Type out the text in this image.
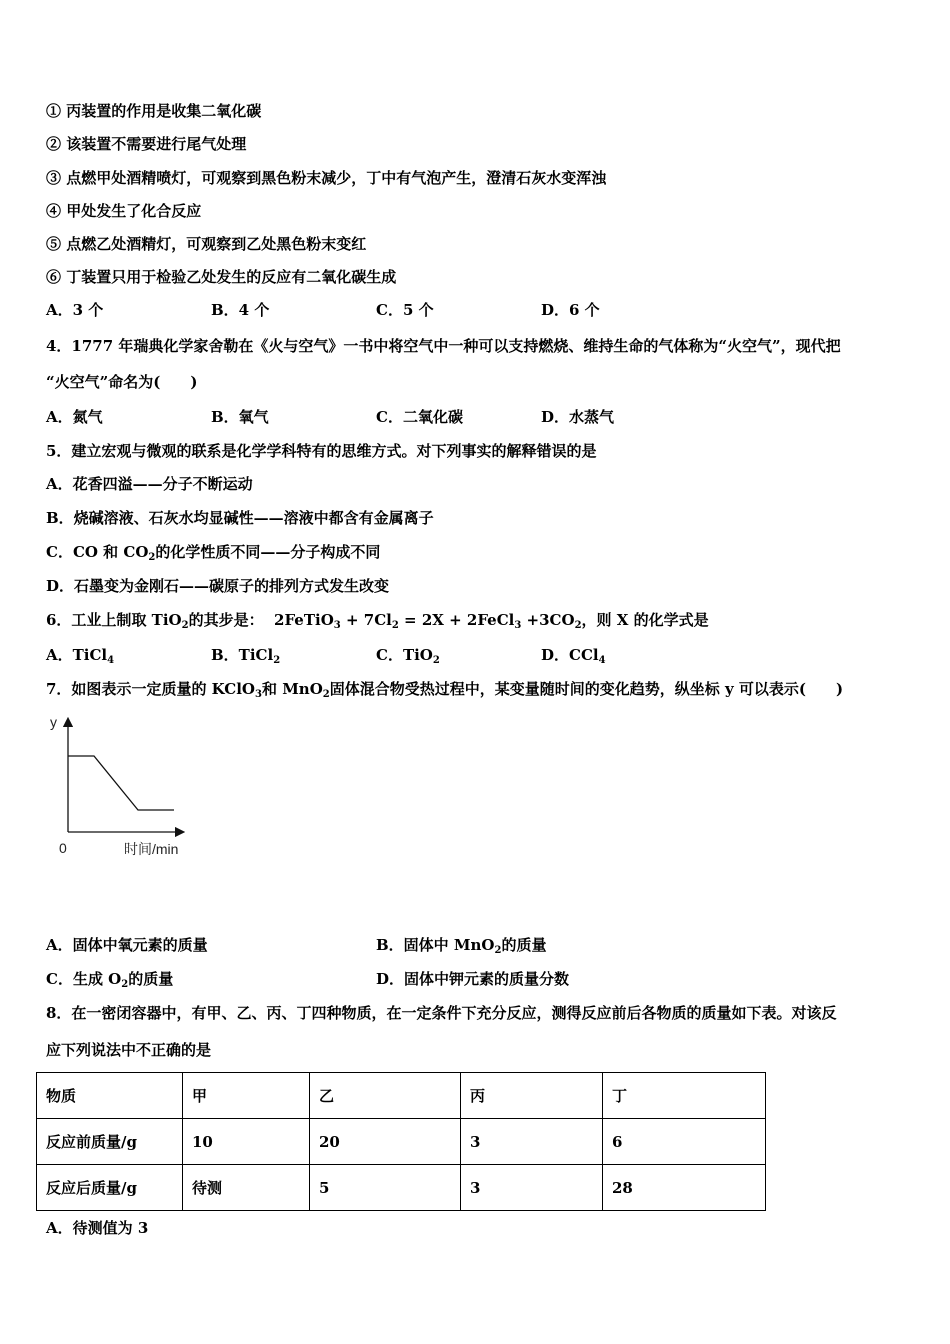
① 丙装置的作用是收集二氧化碳
② 该装置不需要进行尾气处理
③ 点燃甲处酒精喷灯，可观察到黑色粉末减少，丁中有气泡产生，澄清石灰水变浑浊
④ 甲处发生了化合反应
⑤ 点燃乙处酒精灯，可观察到乙处黑色粉末变红
⑥ 丁装置只用于检验乙处发生的反应有二氧化碳生成
A．3 个	B．4 个	C．5 个	D．6 个
4．1777 年瑞典化学家舍勒在《火与空气》一书中将空气中一种可以支持燃烧、维持生命的气体称为“火空气”，现代把
“火空气”命名为(　　)
A．氮气	B．氧气	C．二氧化碳	D．水蒸气
5．建立宏观与微观的联系是化学学科特有的思维方式。对下列事实的解释错误的是
A．花香四溢——分子不断运动
B．烧碱溶液、石灰水均显碱性——溶液中都含有金属离子
C．CO 和 $CO_2$的化学性质不同——分子构成不同
D．石墨变为金刚石——碳原子的排列方式发生改变
6．工业上制取 TiO$_2$的其步是： 2FeTiO$_3$ + $7Cl_2 = 2X$ + 2FeCl$_3$ $+3CO_2$，则 X 的化学式是
A．TiCl$_4$	B．TiCl$_2$	C．TiO$_2$	D．CCl$_4$
7．如图表示一定质量的 KClO$_3$和 MnO$_2$固体混合物受热过程中，某变量随时间的变化趋势，纵坐标 y 可以表示(　　)
y
0	时间/min
A．固体中氧元素的质量	B．固体中 MnO$_2$的质量
C．生成 $O_2$的质量	D．固体中钾元素的质量分数
8．在一密闭容器中，有甲、乙、丙、丁四种物质，在一定条件下充分反应，测得反应前后各物质的质量如下表。对该反
应下列说法中不正确的是
物质	甲	乙	丙	丁
反应前质量/g	10	20	3	6
反应后质量/g	待测	5	3	28
A．待测值为 3
